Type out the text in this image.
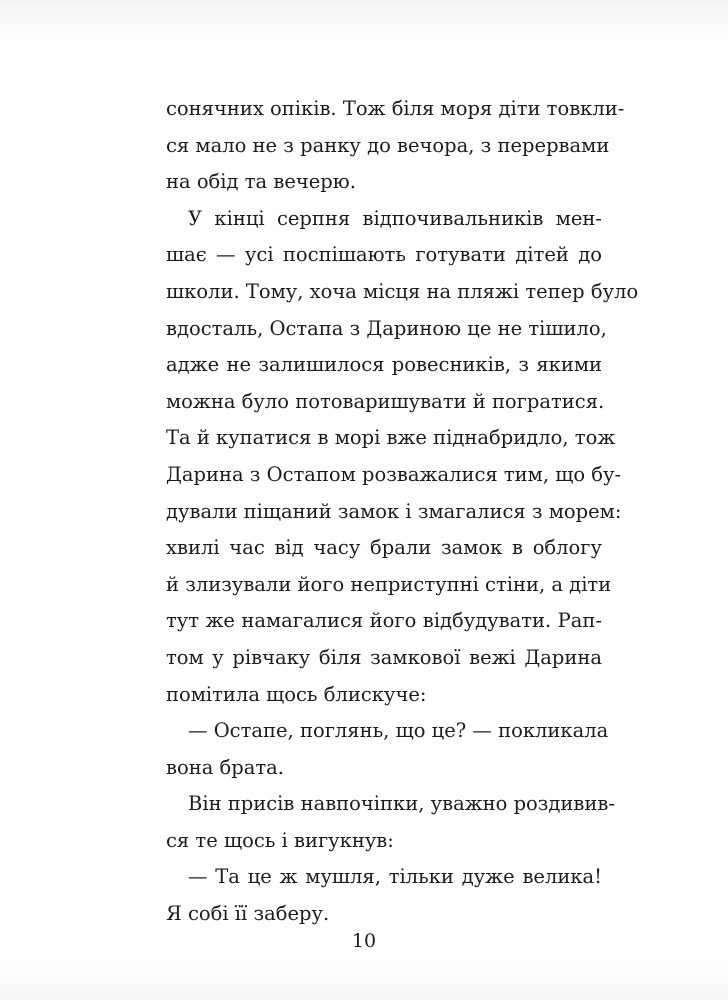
сонячних опіків. Тож біля моря діти товкли-
ся мало не з ранку до вечора, з перервами
на обід та вечерю.
У кінці серпня відпочивальників мен-
шає — усі поспішають готувати дітей до
школи. Тому, хоча місця на пляжі тепер було
вдосталь, Остапа з Дариною це не тішило,
адже не залишилося ровесників, з якими
можна було потоваришувати й погратися.
Та й купатися в морі вже піднабридло, тож
Дарина з Остапом розважалися тим, що бу-
дували піщаний замок і змагалися з морем:
хвилі час від часу брали замок в облогу
й злизували його неприступні стіни, а діти
тут же намагалися його відбудувати. Рап-
том у рівчаку біля замкової вежі Дарина
помітила щось блискуче:
— Остапе, поглянь, що це? — покликала
вона брата.
Він присів навпочіпки, уважно роздивив-
ся те щось і вигукнув:
— Та це ж мушля, тільки дуже велика!
Я собі її заберу.
10
